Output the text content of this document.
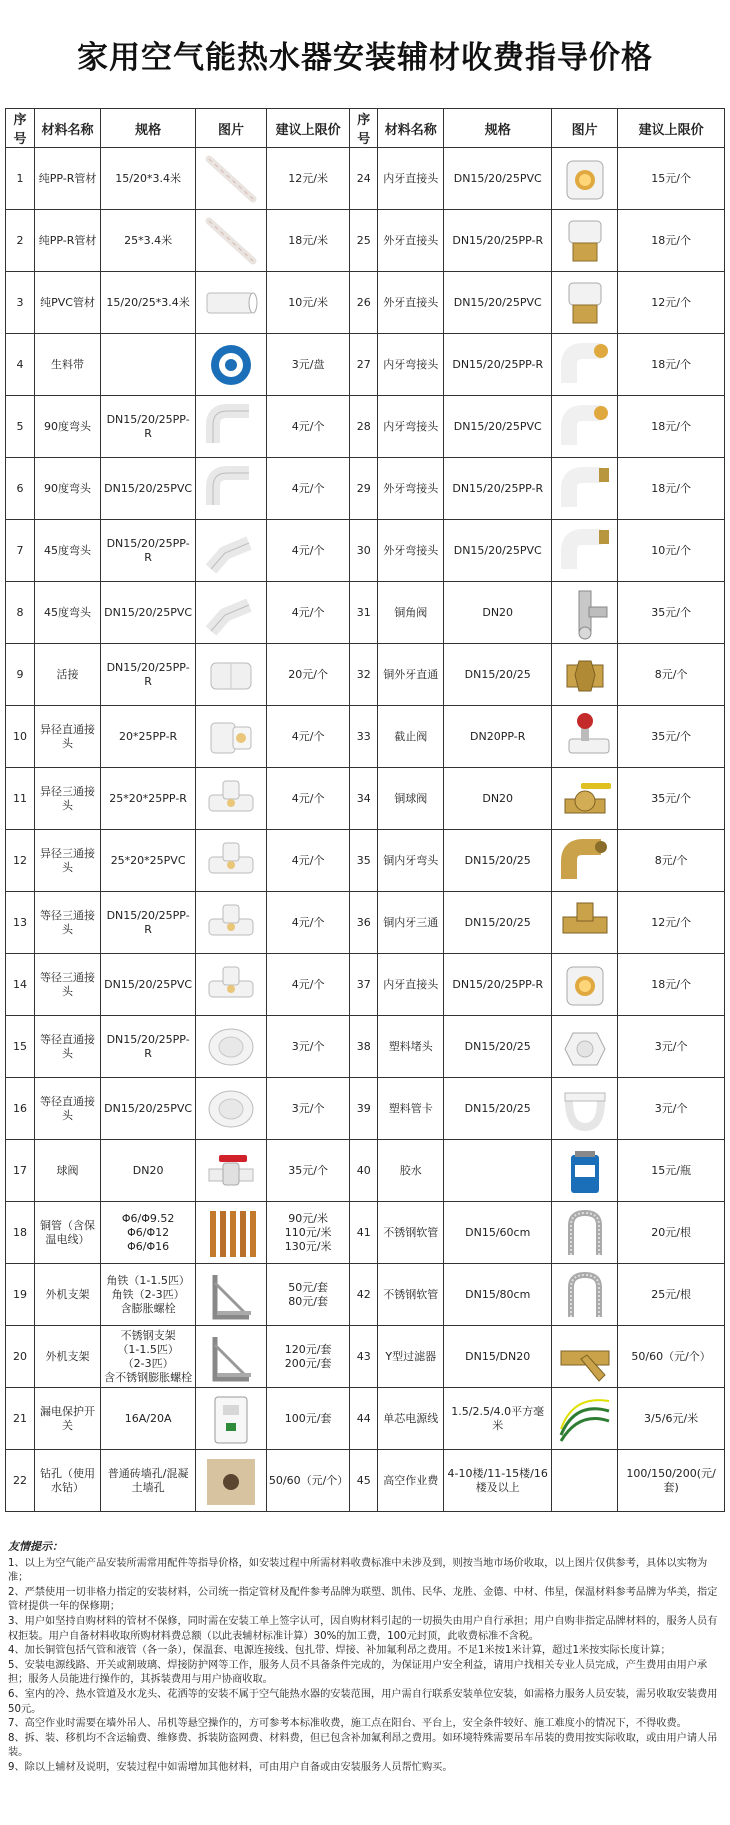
家用空气能热水器安装辅材收费指导价格
序号	材料名称	规格	图片	建议上限价	序号	材料名称	规格	图片	建议上限价
1	纯PP-R管材	15/20*3.4米		12元/米	24	内牙直接头	DN15/20/25PVC		15元/个
2	纯PP-R管材	25*3.4米		18元/米	25	外牙直接头	DN15/20/25PP-R		18元/个
3	纯PVC管材	15/20/25*3.4米		10元/米	26	外牙直接头	DN15/20/25PVC		12元/个
4	生料带			3元/盘	27	内牙弯接头	DN15/20/25PP-R		18元/个
5	90度弯头	DN15/20/25PP-R		4元/个	28	内牙弯接头	DN15/20/25PVC		18元/个
6	90度弯头	DN15/20/25PVC		4元/个	29	外牙弯接头	DN15/20/25PP-R		18元/个
7	45度弯头	DN15/20/25PP-R		4元/个	30	外牙弯接头	DN15/20/25PVC		10元/个
8	45度弯头	DN15/20/25PVC		4元/个	31	铜角阀	DN20		35元/个
9	活接	DN15/20/25PP-R		20元/个	32	铜外牙直通	DN15/20/25		8元/个
10	异径直通接头	20*25PP-R		4元/个	33	截止阀	DN20PP-R		35元/个
11	异径三通接头	25*20*25PP-R		4元/个	34	铜球阀	DN20		35元/个
12	异径三通接头	25*20*25PVC		4元/个	35	铜内牙弯头	DN15/20/25		8元/个
13	等径三通接头	DN15/20/25PP-R		4元/个	36	铜内牙三通	DN15/20/25		12元/个
14	等径三通接头	DN15/20/25PVC		4元/个	37	内牙直接头	DN15/20/25PP-R		18元/个
15	等径直通接头	DN15/20/25PP-R		3元/个	38	塑料堵头	DN15/20/25		3元/个
16	等径直通接头	DN15/20/25PVC		3元/个	39	塑料管卡	DN15/20/25		3元/个
17	球阀	DN20		35元/个	40	胶水			15元/瓶
18	铜管（含保温电线）	Φ6/Φ9.52
Φ6/Φ12
Φ6/Φ16		90元/米
110元/米
130元/米	41	不锈钢软管	DN15/60cm		20元/根
19	外机支架	角铁（1-1.5匹）
角铁（2-3匹）
含膨胀螺栓		50元/套
80元/套	42	不锈钢软管	DN15/80cm		25元/根
20	外机支架	不锈钢支架
（1-1.5匹）
（2-3匹）
含不锈钢膨胀螺栓		120元/套
200元/套	43	Y型过滤器	DN15/DN20		50/60（元/个）
21	漏电保护开关	16A/20A		100元/套	44	单芯电源线	1.5/2.5/4.0平方毫米		3/5/6元/米
22	钻孔（使用水钻）	普通砖墙孔/混凝土墙孔		50/60（元/个）	45	高空作业费	4-10楼/11-15楼/16楼及以上		100/150/200(元/套)
友情提示：

1、以上为空气能产品安装所需常用配件等指导价格，如安装过程中所需材料收费标准中未涉及到，则按当地市场价收取，以上图片仅供参考，具体以实物为准；

2、严禁使用一切非格力指定的安装材料，公司统一指定管材及配件参考品牌为联塑、凯伟、民华、龙胜、金德、中材、伟星，保温材料参考品牌为华美，指定管材提供一年的保修期；

3、用户如坚持自购材料的管材不保修，同时需在安装工单上签字认可，因自购材料引起的一切损失由用户自行承担；用户自购非指定品牌材料的，服务人员有权拒装。用户自备材料收取所购材料费总额（以此表辅材标准计算）30%的加工费，100元封顶，此收费标准不含税。

4、加长铜管包括气管和液管（各一条），保温套、电源连接线、包扎带、焊接、补加氟利昂之费用。不足1米按1米计算，超过1米按实际长度计算；

5、安装电源线路、开关或割玻璃、焊接防护网等工作，服务人员不具备条件完成的，为保证用户安全利益，请用户找相关专业人员完成，产生费用由用户承担；服务人员能进行操作的，其拆装费用与用户协商收取。

6、室内的冷、热水管道及水龙头、花洒等的安装不属于空气能热水器的安装范围，用户需自行联系安装单位安装，如需格力服务人员安装，需另收取安装费用50元。

7、高空作业时需要在墙外吊人、吊机等悬空操作的，方可参考本标准收费，施工点在阳台、平台上，安全条件较好、施工难度小的情况下，不得收费。

8、拆、装、移机均不含运输费、维修费、拆装防盗网费、材料费，但已包含补加氟利昂之费用。如环境特殊需要吊车吊装的费用按实际收取，或由用户请人吊装。

9、除以上辅材及说明，安装过程中如需增加其他材料，可由用户自备或由安装服务人员帮忙购买。
